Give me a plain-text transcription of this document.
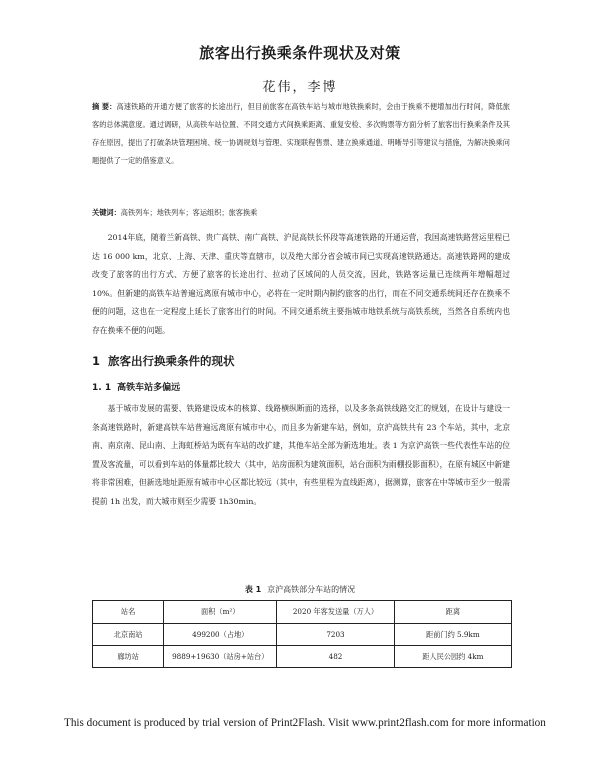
旅客出行换乘条件现状及对策
花伟，李博
摘 要：高速铁路的开通方便了旅客的长途出行，但目前旅客在高铁车站与城市地铁换乘时，会由于换乘不便增加出行时间，降低旅客的总体满意度。通过调研，从高铁车站位置、不同交通方式间换乘距离、重复安检、多次购票等方面分析了旅客出行换乘条件及其存在原因，提出了打破条块管理困境、统一协调规划与管理、实现联程售票、建立换乘通道、明晰导引等建议与措施，为解决换乘问题提供了一定的借鉴意义。
关键词：高铁列车；地铁列车；客运组织；旅客换乘

2014年底，随着兰新高铁、贵广高铁、南广高铁、沪昆高铁长怀段等高速铁路的开通运营，我国高速铁路营运里程已达 16 000 km，北京、上海、天津、重庆等直辖市，以及绝大部分省会城市间已实现高速铁路通达。高速铁路网的建成改变了旅客的出行方式、方便了旅客的长途出行、拉动了区域间的人员交流，因此，铁路客运量已连续两年增幅超过 10%。但新建的高铁车站普遍远离原有城市中心，必将在一定时期内制约旅客的出行，而在不同交通系统间还存在换乘不便的问题，这也在一定程度上延长了旅客出行的时间。不同交通系统主要指城市地铁系统与高铁系统，当然各自系统内也存在换乘不便的问题。

1 旅客出行换乘条件的现状
1. 1 高铁车站多偏远

基于城市发展的需要、铁路建设成本的核算、线路横纵断面的选择，以及多条高铁线路交汇的规划，在设计与建设一条高速铁路时，新建高铁车站普遍远离原有城市中心，而且多为新建车站，例如，京沪高铁共有 23 个车站，其中，北京南、南京南、昆山南、上海虹桥站为既有车站的改扩建，其他车站全部为新选地址。表 1 为京沪高铁一些代表性车站的位置及客流量，可以看到车站的体量都比较大（其中，站房面积为建筑面积，站台面积为雨棚投影面积），在原有城区中新建将非常困难，但新选地址距原有城市中心区都比较远（其中，有些里程为直线距离），据测算，旅客在中等城市至少一般需提前 1h 出发，而大城市则至少需要 1h30min。

表 1 京沪高铁部分车站的情况
站名	面积（m²）	2020 年客发送量（万人）	距离
北京南站	499200（占地）	7203	距前门约 5.9km
廊坊站	9889+19630（站房+站台）	482	距人民公园约 4km
This document is produced by trial version of Print2Flash. Visit www.print2flash.com for more information
